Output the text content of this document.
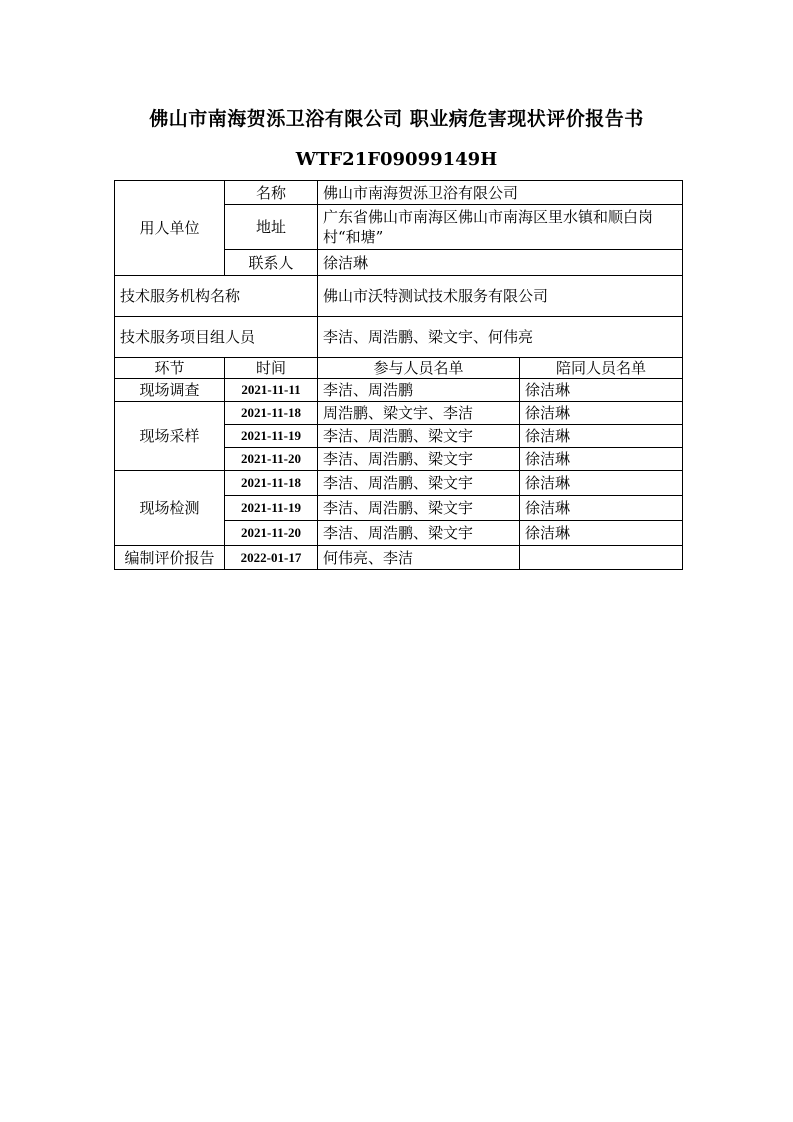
佛山市南海贺泺卫浴有限公司 职业病危害现状评价报告书
WTF21F09099149H
用人单位	名称	佛山市南海贺泺卫浴有限公司	
	地址	广东省佛山市南海区佛山市南海区里水镇和顺白岗村“和塘”	
	联系人	徐洁琳	
技术服务机构名称		佛山市沃特测试技术服务有限公司	
技术服务项目组人员		李洁、周浩鹏、梁文宇、何伟亮	
环节	时间	参与人员名单	陪同人员名单
现场调查	2021-11-11	李洁、周浩鹏	徐洁琳
现场采样	2021-11-18	周浩鹏、梁文宇、李洁	徐洁琳
	2021-11-19	李洁、周浩鹏、梁文宇	徐洁琳
	2021-11-20	李洁、周浩鹏、梁文宇	徐洁琳
现场检测	2021-11-18	李洁、周浩鹏、梁文宇	徐洁琳
	2021-11-19	李洁、周浩鹏、梁文宇	徐洁琳
	2021-11-20	李洁、周浩鹏、梁文宇	徐洁琳
编制评价报告	2022-01-17	何伟亮、李洁	
